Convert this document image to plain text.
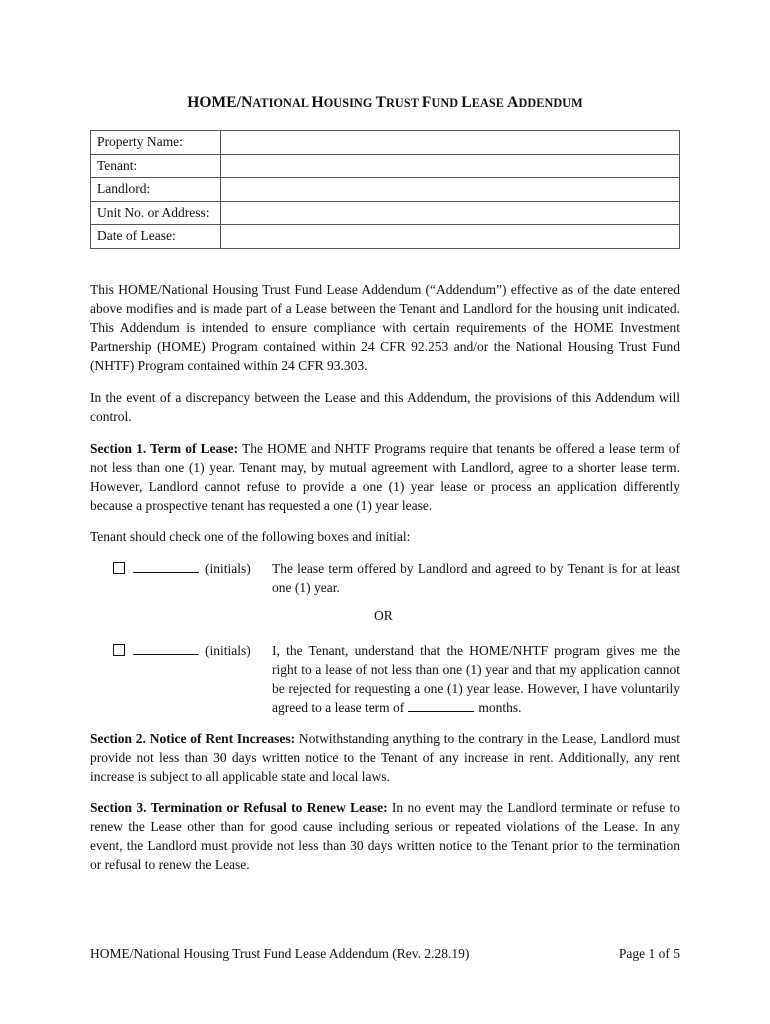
HOME/NATIONAL HOUSING TRUST FUND LEASE ADDENDUM
Property Name:	
Tenant:	
Landlord:	
Unit No. or Address:	
Date of Lease:	

This HOME/National Housing Trust Fund Lease Addendum (“Addendum”) effective as of the date entered above modifies and is made part of a Lease between the Tenant and Landlord for the housing unit indicated. This Addendum is intended to ensure compliance with certain requirements of the HOME Investment Partnership (HOME) Program contained within 24 CFR 92.253 and/or the National Housing Trust Fund (NHTF) Program contained within 24 CFR 93.303.

In the event of a discrepancy between the Lease and this Addendum, the provisions of this Addendum will control.

Section 1. Term of Lease: The HOME and NHTF Programs require that tenants be offered a lease term of not less than one (1) year. Tenant may, by mutual agreement with Landlord, agree to a shorter lease term. However, Landlord cannot refuse to provide a one (1) year lease or process an application differently because a prospective tenant has requested a one (1) year lease.

Tenant should check one of the following boxes and initial:

(initials) The lease term offered by Landlord and agreed to by Tenant is for at least one (1) year.
OR
(initials) I, the Tenant, understand that the HOME/NHTF program gives me the right to a lease of not less than one (1) year and that my application cannot be rejected for requesting a one (1) year lease. However, I have voluntarily agreed to a lease term of	months.

Section 2. Notice of Rent Increases: Notwithstanding anything to the contrary in the Lease, Landlord must provide not less than 30 days written notice to the Tenant of any increase in rent. Additionally, any rent increase is subject to all applicable state and local laws.

Section 3. Termination or Refusal to Renew Lease: In no event may the Landlord terminate or refuse to renew the Lease other than for good cause including serious or repeated violations of the Lease. In any event, the Landlord must provide not less than 30 days written notice to the Tenant prior to the termination or refusal to renew the Lease.

HOME/National Housing Trust Fund Lease Addendum (Rev. 2.28.19)	Page 1 of 5
